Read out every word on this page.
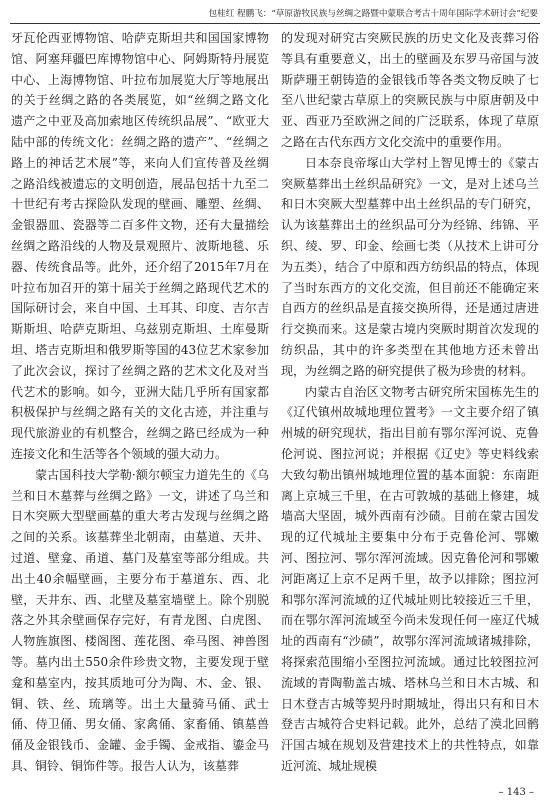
包桂红 程鹏飞：“草原游牧民族与丝绸之路暨中蒙联合考古十周年国际学术研讨会”纪要

牙瓦伦西亚博物馆、哈萨克斯坦共和国国家博物馆、阿塞拜疆巴库博物馆中心、阿姆斯特丹展览中心、上海博物馆、叶拉布加展览大厅等地展出的关于丝绸之路的各类展览，如“丝绸之路文化遗产之中亚及高加索地区传统织品展”、“欧亚大陆中部的传统文化：丝绸之路的遗产”、“丝绸之路上的神话艺术展”等，来向人们宣传普及丝绸之路沿线被遗忘的文明创造，展品包括十九至二十世纪有考古探险队发现的壁画、雕塑、丝绸、金银器皿、瓷器等二百多件文物，还有大量描绘丝绸之路沿线的人物及景观照片、波斯地毯、乐器、传统食品等。此外，还介绍了2015年7月在叶拉布加召开的第十届关于丝绸之路现代艺术的国际研讨会，来自中国、土耳其、印度、吉尔吉斯斯坦、哈萨克斯坦、乌兹别克斯坦、土库曼斯坦、塔吉克斯坦和俄罗斯等国的43位艺术家参加了此次会议，探讨了丝绸之路的艺术文化及对当代艺术的影响。如今，亚洲大陆几乎所有国家都积极保护与丝绸之路有关的文化古迹，并注重与现代旅游业的有机整合，丝绸之路已经成为一种连接文化和生活等各个领域的强大动力。

蒙古国科技大学勒·额尔顿宝力道先生的《乌兰和日木墓葬与丝绸之路》一文，讲述了乌兰和日木突厥大型壁画墓的重大考古发现与丝绸之路之间的关系。该墓葬坐北朝南，由墓道、天井、过道、壁龛、甬道、墓门及墓室等部分组成。共出土40余幅壁画，主要分布于墓道东、西、北壁，天井东、西、北壁及墓室墙壁上。除个别脱落之外其余壁画保存完好，有青龙图、白虎图、人物旌旗图、楼阁图、莲花图、牵马图、神兽图等。墓内出土550余件珍贵文物，主要发现于壁龛和墓室内，按其质地可分为陶、木、金、银、铜、铁、丝、琉璃等。出土大量骑马俑、武士俑、侍卫俑、男女俑、家禽俑、家畜俑、镇墓兽俑及金银钱币、金罐、金手镯、金戒指、鎏金马具、铜铃、铜饰件等。报告人认为，该墓葬

的发现对研究古突厥民族的历史文化及丧葬习俗等具有重要意义，出土的壁画及东罗马帝国与波斯萨珊王朝铸造的金银钱币等各类文物反映了七至八世纪蒙古草原上的突厥民族与中原唐朝及中亚、西亚乃至欧洲之间的广泛联系，体现了草原之路在古代东西方文化交流中的重要作用。

日本奈良帝塚山大学村上智见博士的《蒙古突厥墓葬出土丝织品研究》一文，是对上述乌兰和日木突厥大型墓葬中出土丝织品的专门研究，认为该墓葬出土的丝织品可分为经锦、纬锦、平织、绫、罗、印金、绘画七类（从技术上讲可分为五类），结合了中原和西方纺织品的特点，体现了当时东西方的文化交流，但目前还不能确定来自西方的丝织品是直接交换所得，还是通过唐进行交换而来。这是蒙古境内突厥时期首次发现的纺织品，其中的许多类型在其他地方还未曾出现，为丝绸之路的研究提供了极为珍贵的材料。

内蒙古自治区文物考古研究所宋国栋先生的《辽代镇州故城地理位置考》一文主要介绍了镇州城的研究现状，指出目前有鄂尔浑河说、克鲁伦河说、图拉河说；并根据《辽史》等史料线索大致勾勒出镇州城地理位置的基本面貌：东南距离上京城三千里，在古可敦城的基础上修建，城墙高大坚固，城外西南有沙碛。目前在蒙古国发现的辽代城址主要集中分布于克鲁伦河、鄂嫩河、图拉河、鄂尔浑河流域。因克鲁伦河和鄂嫩河距离辽上京不足两千里，故予以排除；图拉河和鄂尔浑河流域的辽代城址则比较接近三千里，而在鄂尔浑河流域至今尚未发现任何一座辽代城址的西南有“沙碛”，故鄂尔浑河流域诸城排除，将探索范围缩小至图拉河流域。通过比较图拉河流域的青陶勒盖古城、塔林乌兰和日木古城、和日木登吉古城等契丹时期城址，得出只有和日木登吉古城符合史料记载。此外，总结了漠北回鹘汗国古城在规划及营建技术上的共性特点，如靠近河流、城址规模

– 143 –
